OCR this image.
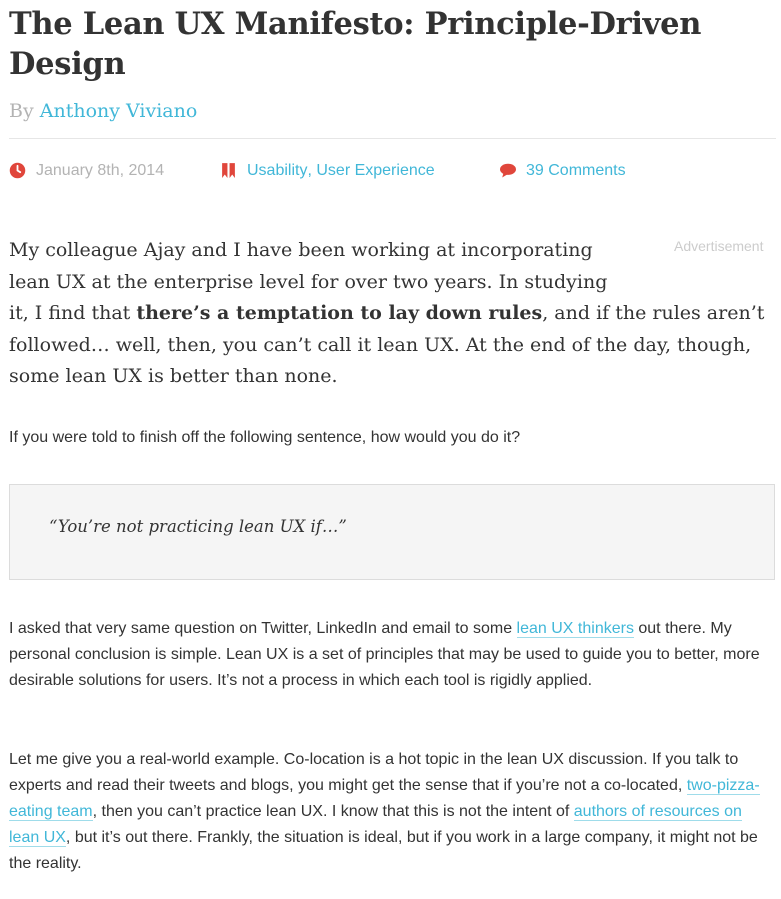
The Lean UX Manifesto: Principle-Driven Design

By Anthony Viviano

January 8th, 2014	Usability , User Experience	39 Comments

Advertisement

My colleague Ajay and I have been working at incorporating lean UX at the enterprise level for over two years. In studying it, I find that there’s a temptation to lay down rules, and if the rules aren’t followed… well, then, you can’t call it lean UX. At the end of the day, though, some lean UX is better than none.

If you were told to finish off the following sentence, how would you do it?

“You’re not practicing lean UX if…”

I asked that very same question on Twitter, LinkedIn and email to some lean UX thinkers out there. My personal conclusion is simple. Lean UX is a set of principles that may be used to guide you to better, more desirable solutions for users. It’s not a process in which each tool is rigidly applied.

Let me give you a real-world example. Co-location is a hot topic in the lean UX discussion. If you talk to experts and read their tweets and blogs, you might get the sense that if you’re not a co-located, two-pizza-eating team, then you can’t practice lean UX. I know that this is not the intent of authors of resources on lean UX, but it’s out there. Frankly, the situation is ideal, but if you work in a large company, it might not be the reality.
